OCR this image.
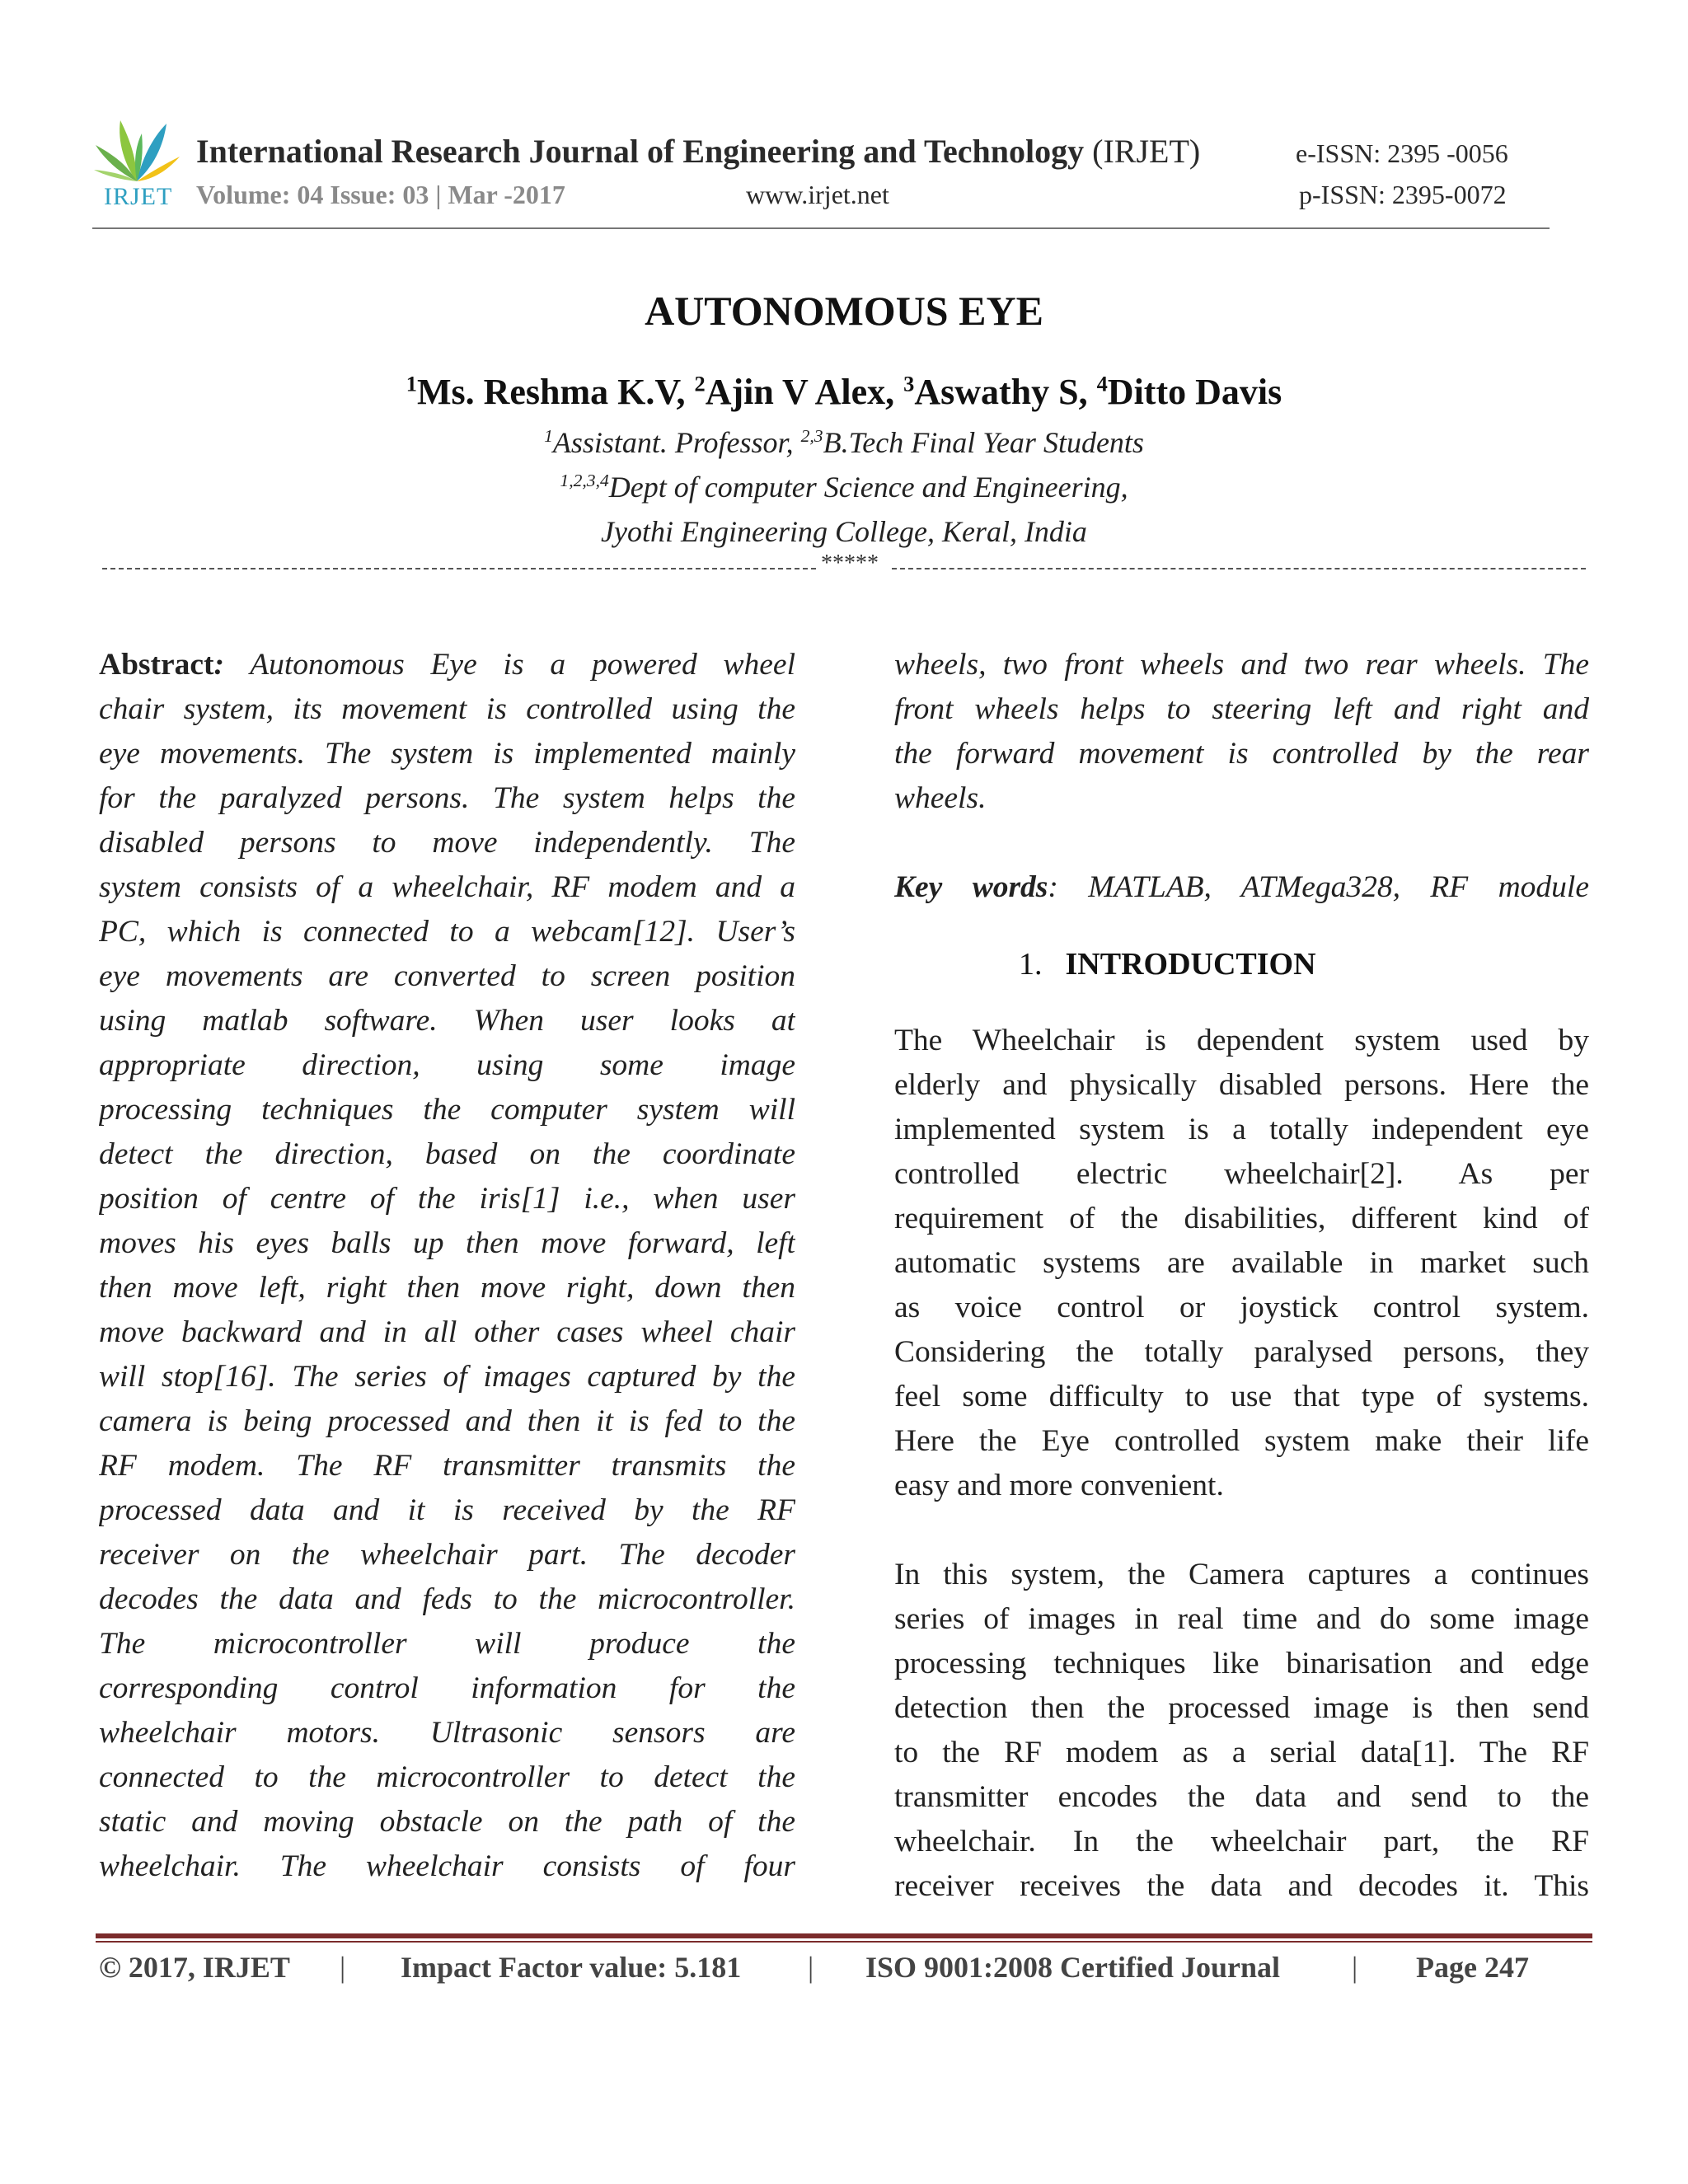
IRJET
International Research Journal of Engineering and Technology (IRJET)	e-ISSN: 2395 -0056
Volume: 04 Issue: 03 | Mar -2017	www.irjet.net	p-ISSN: 2395-0072
AUTONOMOUS EYE
$^1$Ms. Reshma K.V, $^2$Ajin V Alex, $^3$Aswathy S, $^4$Ditto Davis
$^1$Assistant. Professor, $^{2,3}$B.Tech Final Year Students
$^{1,2,3,4}$Dept of computer Science and Engineering,
Jyothi Engineering College, Keral, India
*****
Abstract: Autonomous Eye is a powered wheel
chair system, its movement is controlled using the
eye movements. The system is implemented mainly
for the paralyzed persons. The system helps the
disabled persons to move independently. The
system consists of a wheelchair, RF modem and a
PC, which is connected to a webcam[12]. User’s
eye movements are converted to screen position
using matlab software. When user looks at
appropriate direction, using some image
processing techniques the computer system will
detect the direction, based on the coordinate
position of centre of the iris[1] i.e., when user
moves his eyes balls up then move forward, left
then move left, right then move right, down then
move backward and in all other cases wheel chair
will stop[16]. The series of images captured by the
camera is being processed and then it is fed to the
RF modem. The RF transmitter transmits the
processed data and it is received by the RF
receiver on the wheelchair part. The decoder
decodes the data and feds to the microcontroller.
The microcontroller will produce the
corresponding control information for the
wheelchair motors. Ultrasonic sensors are
connected to the microcontroller to detect the
static and moving obstacle on the path of the
wheelchair. The wheelchair consists of four
wheels, two front wheels and two rear wheels. The
front wheels helps to steering left and right and
the forward movement is controlled by the rear
wheels.
Key words: MATLAB, ATMega328, RF module
1. INTRODUCTION
The Wheelchair is dependent system used by
elderly and physically disabled persons. Here the
implemented system is a totally independent eye
controlled electric wheelchair[2]. As per
requirement of the disabilities, different kind of
automatic systems are available in market such
as voice control or joystick control system.
Considering the totally paralysed persons, they
feel some difficulty to use that type of systems.
Here the Eye controlled system make their life
easy and more convenient.
In this system, the Camera captures a continues
series of images in real time and do some image
processing techniques like binarisation and edge
detection then the processed image is then send
to the RF modem as a serial data[1]. The RF
transmitter encodes the data and send to the
wheelchair. In the wheelchair part, the RF
receiver receives the data and decodes it. This
© 2017, IRJET | Impact Factor value: 5.181 | ISO 9001:2008 Certified Journal | Page 247
